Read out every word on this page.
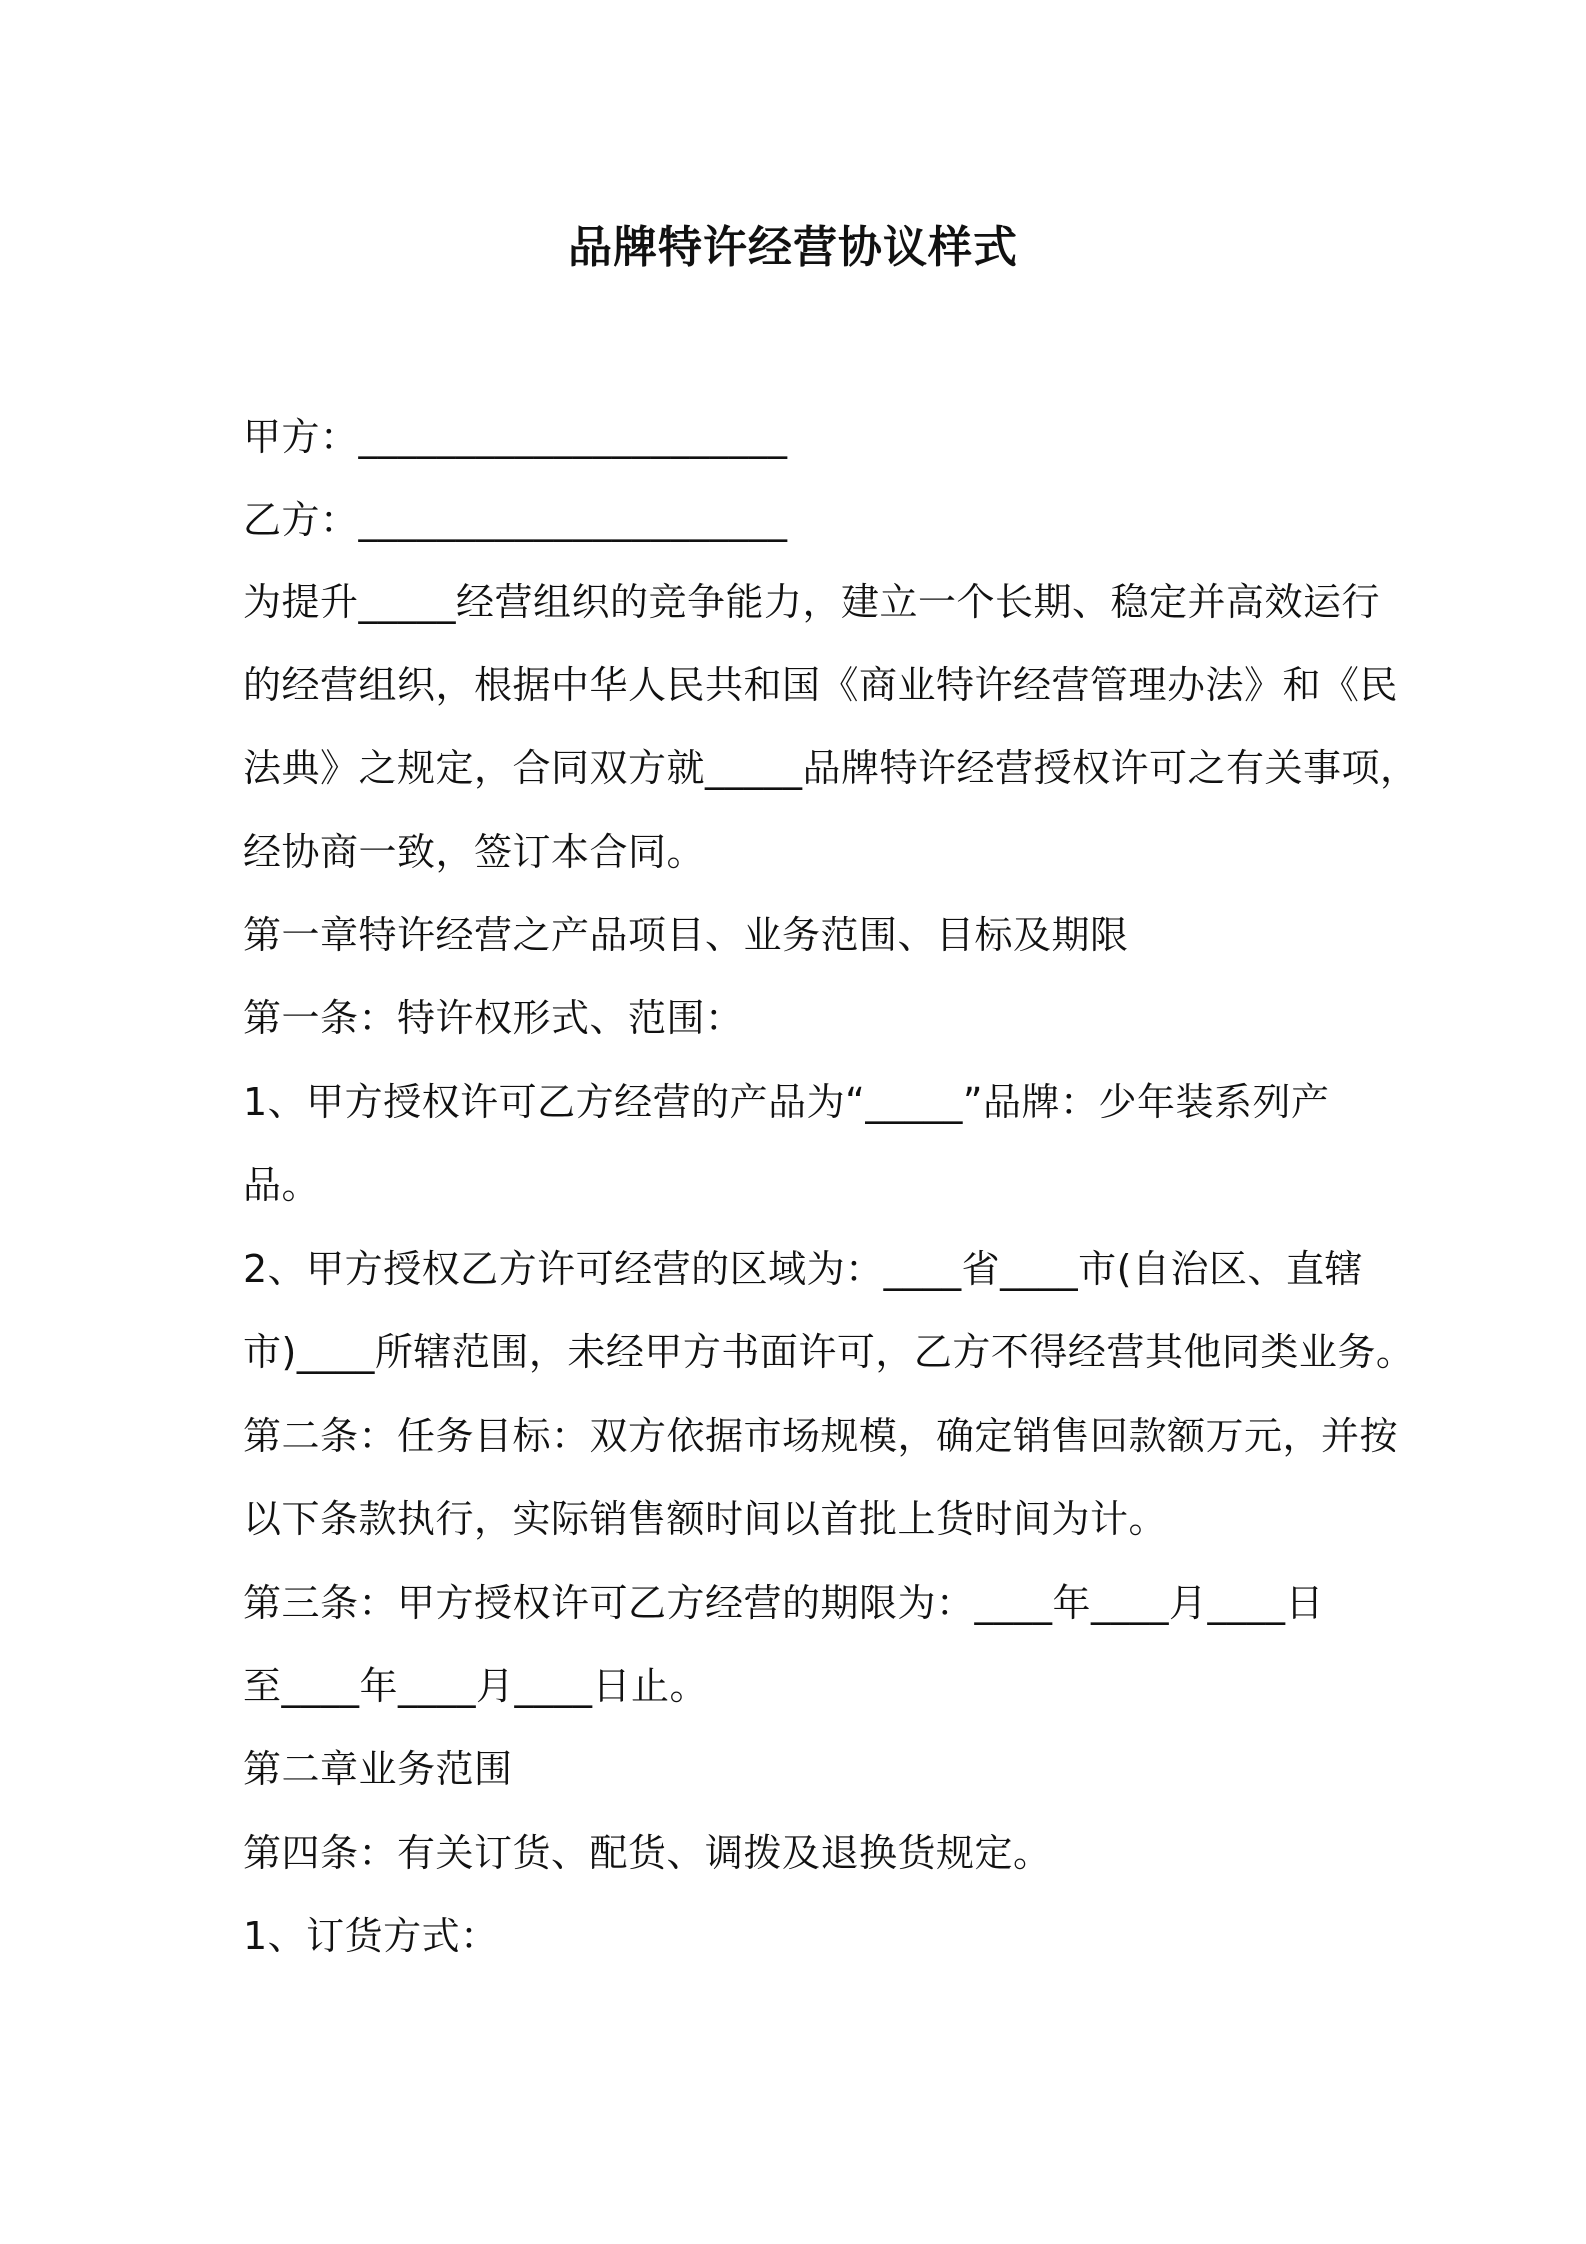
品牌特许经营协议样式
甲方：______________________
乙方：______________________
为提升_____经营组织的竞争能力，建立一个长期、稳定并高效运行
的经营组织，根据中华人民共和国《商业特许经营管理办法》和《民
法典》之规定，合同双方就_____品牌特许经营授权许可之有关事项，
经协商一致，签订本合同。
第一章特许经营之产品项目、业务范围、目标及期限
第一条：特许权形式、范围：
1、甲方授权许可乙方经营的产品为“_____”品牌：少年装系列产
品。
2、甲方授权乙方许可经营的区域为：____省____市(自治区、直辖
市)____所辖范围，未经甲方书面许可，乙方不得经营其他同类业务。
第二条：任务目标：双方依据市场规模，确定销售回款额万元，并按
以下条款执行，实际销售额时间以首批上货时间为计。
第三条：甲方授权许可乙方经营的期限为：____年____月____日
至____年____月____日止。
第二章业务范围
第四条：有关订货、配货、调拨及退换货规定。
1、订货方式：
